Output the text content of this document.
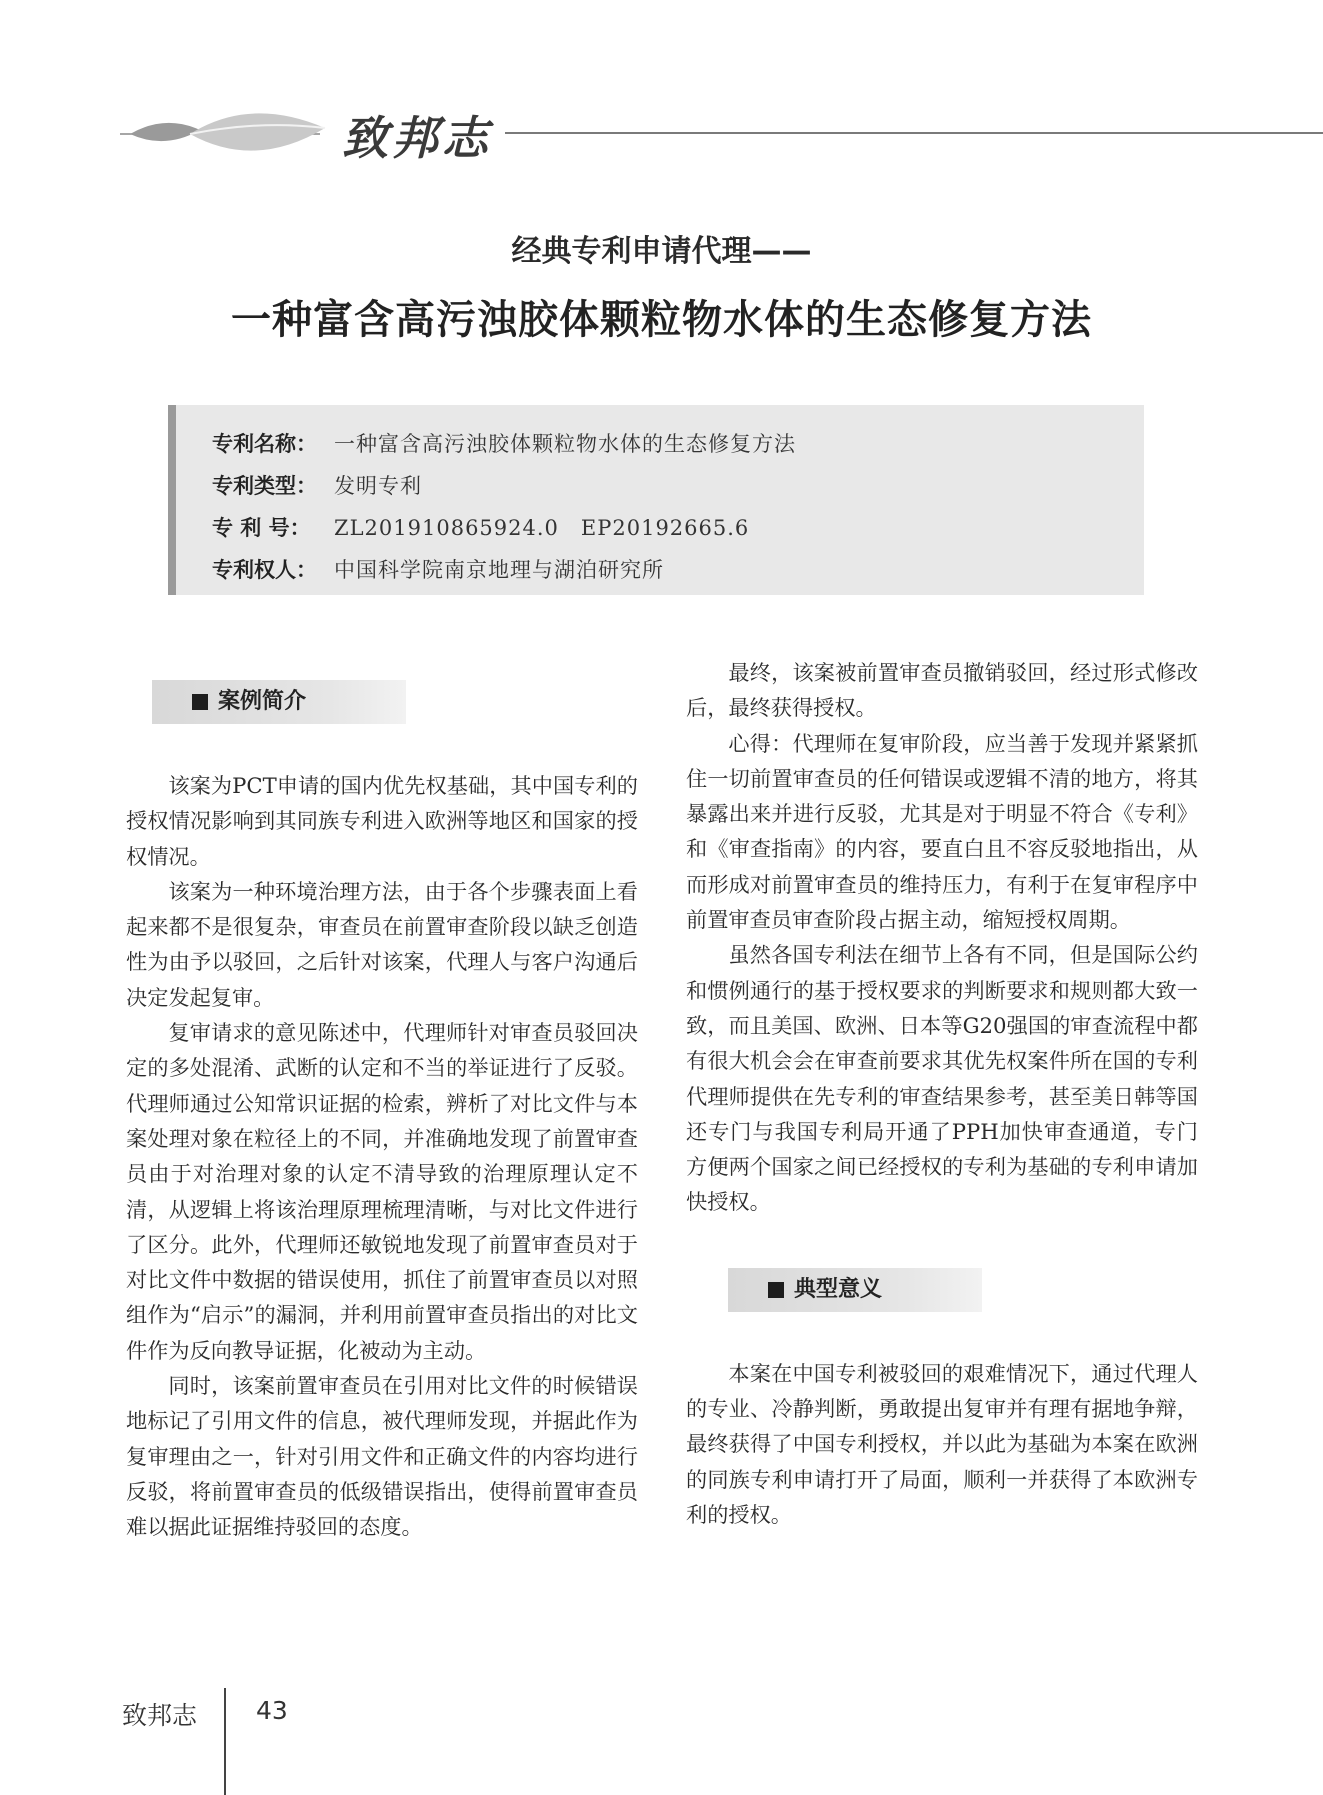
致邦志

经典专利申请代理——

一种富含高污浊胶体颗粒物水体的生态修复方法

专利名称： 一种富含高污浊胶体颗粒物水体的生态修复方法
专利类型： 发明专利
专 利 号： ZL201910865924.0　EP20192665.6
专利权人： 中国科学院南京地理与湖泊研究所
案例简介

该案为PCT申请的国内优先权基础，其中国专利的授权情况影响到其同族专利进入欧洲等地区和国家的授权情况。

该案为一种环境治理方法，由于各个步骤表面上看起来都不是很复杂，审查员在前置审查阶段以缺乏创造性为由予以驳回，之后针对该案，代理人与客户沟通后决定发起复审。

复审请求的意见陈述中，代理师针对审查员驳回决定的多处混淆、武断的认定和不当的举证进行了反驳。代理师通过公知常识证据的检索，辨析了对比文件与本案处理对象在粒径上的不同，并准确地发现了前置审查员由于对治理对象的认定不清导致的治理原理认定不清，从逻辑上将该治理原理梳理清晰，与对比文件进行了区分。此外，代理师还敏锐地发现了前置审查员对于对比文件中数据的错误使用，抓住了前置审查员以对照组作为“启示”的漏洞，并利用前置审查员指出的对比文件作为反向教导证据，化被动为主动。

同时，该案前置审查员在引用对比文件的时候错误地标记了引用文件的信息，被代理师发现，并据此作为复审理由之一，针对引用文件和正确文件的内容均进行反驳，将前置审查员的低级错误指出，使得前置审查员难以据此证据维持驳回的态度。

最终，该案被前置审查员撤销驳回，经过形式修改后，最终获得授权。

心得：代理师在复审阶段，应当善于发现并紧紧抓住一切前置审查员的任何错误或逻辑不清的地方，将其暴露出来并进行反驳，尤其是对于明显不符合《专利》和《审查指南》的内容，要直白且不容反驳地指出，从而形成对前置审查员的维持压力，有利于在复审程序中前置审查员审查阶段占据主动，缩短授权周期。

虽然各国专利法在细节上各有不同，但是国际公约和惯例通行的基于授权要求的判断要求和规则都大致一致，而且美国、欧洲、日本等G20强国的审查流程中都有很大机会会在审查前要求其优先权案件所在国的专利代理师提供在先专利的审查结果参考，甚至美日韩等国还专门与我国专利局开通了PPH加快审查通道，专门方便两个国家之间已经授权的专利为基础的专利申请加快授权。

典型意义

本案在中国专利被驳回的艰难情况下，通过代理人的专业、冷静判断，勇敢提出复审并有理有据地争辩，最终获得了中国专利授权，并以此为基础为本案在欧洲的同族专利申请打开了局面，顺利一并获得了本欧洲专利的授权。

致邦志 43
